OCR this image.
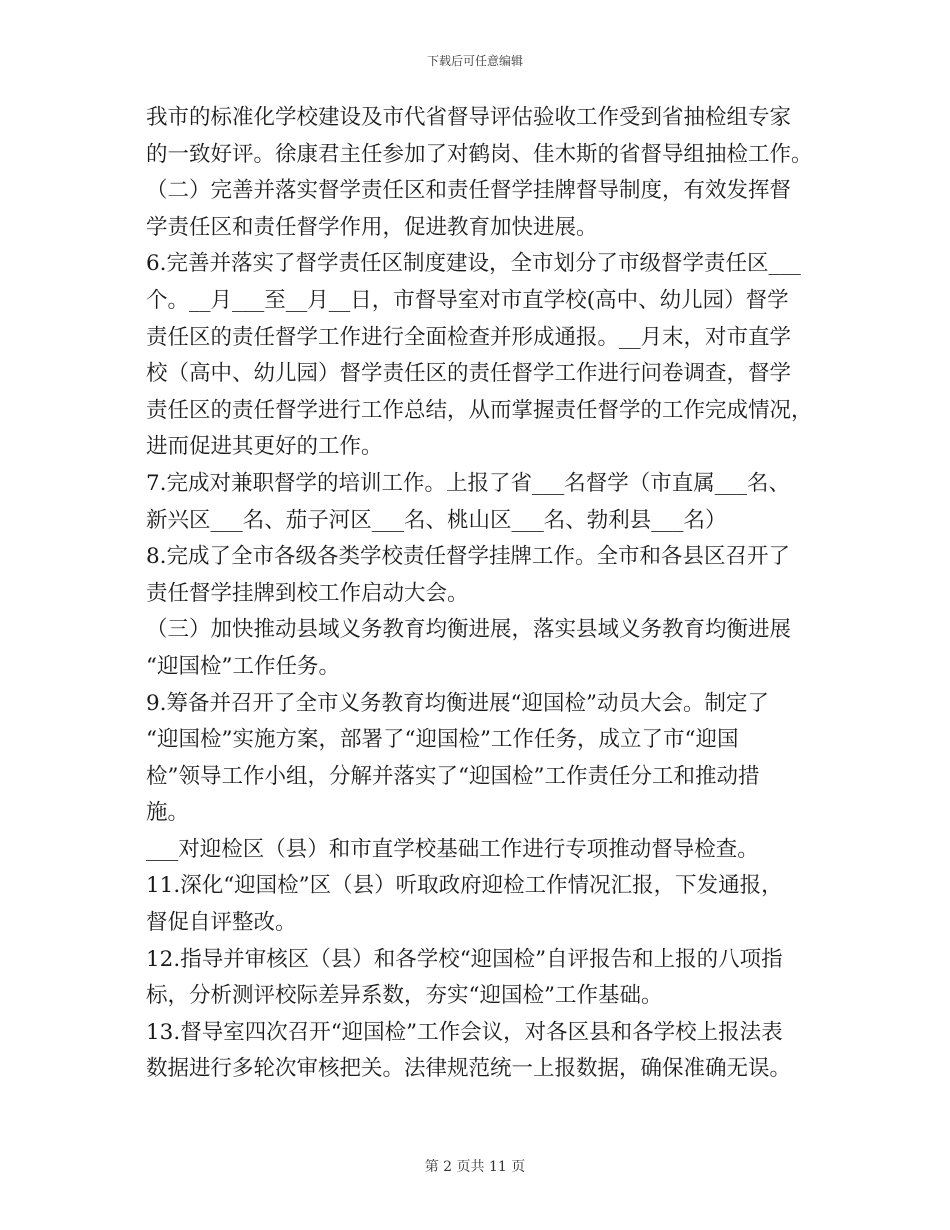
下载后可任意编辑
我市的标准化学校建设及市代省督导评估验收工作受到省抽检组专家
的一致好评。徐康君主任参加了对鹤岗、佳木斯的省督导组抽检工作。
（二）完善并落实督学责任区和责任督学挂牌督导制度，有效发挥督
学责任区和责任督学作用，促进教育加快进展。
6.完善并落实了督学责任区制度建设，全市划分了市级督学责任区___
个。__月___至__月__日，市督导室对市直学校(高中、幼儿园）督学
责任区的责任督学工作进行全面检查并形成通报。__月末，对市直学
校（高中、幼儿园）督学责任区的责任督学工作进行问卷调查，督学
责任区的责任督学进行工作总结，从而掌握责任督学的工作完成情况，
进而促进其更好的工作。
7.完成对兼职督学的培训工作。上报了省___名督学（市直属___名、
新兴区___名、茄子河区___名、桃山区___名、勃利县___名）
8.完成了全市各级各类学校责任督学挂牌工作。全市和各县区召开了
责任督学挂牌到校工作启动大会。
（三）加快推动县域义务教育均衡进展，落实县域义务教育均衡进展
“迎国检”工作任务。
9.筹备并召开了全市义务教育均衡进展“迎国检”动员大会。制定了
“迎国检”实施方案，部署了“迎国检”工作任务，成立了市“迎国
检”领导工作小组，分解并落实了“迎国检”工作责任分工和推动措
施。
___对迎检区（县）和市直学校基础工作进行专项推动督导检查。
11.深化“迎国检”区（县）听取政府迎检工作情况汇报，下发通报，
督促自评整改。
12.指导并审核区（县）和各学校“迎国检”自评报告和上报的八项指
标，分析测评校际差异系数，夯实“迎国检”工作基础。
13.督导室四次召开“迎国检”工作会议，对各区县和各学校上报法表
数据进行多轮次审核把关。法律规范统一上报数据，确保准确无误。
第 2 页共 11 页
